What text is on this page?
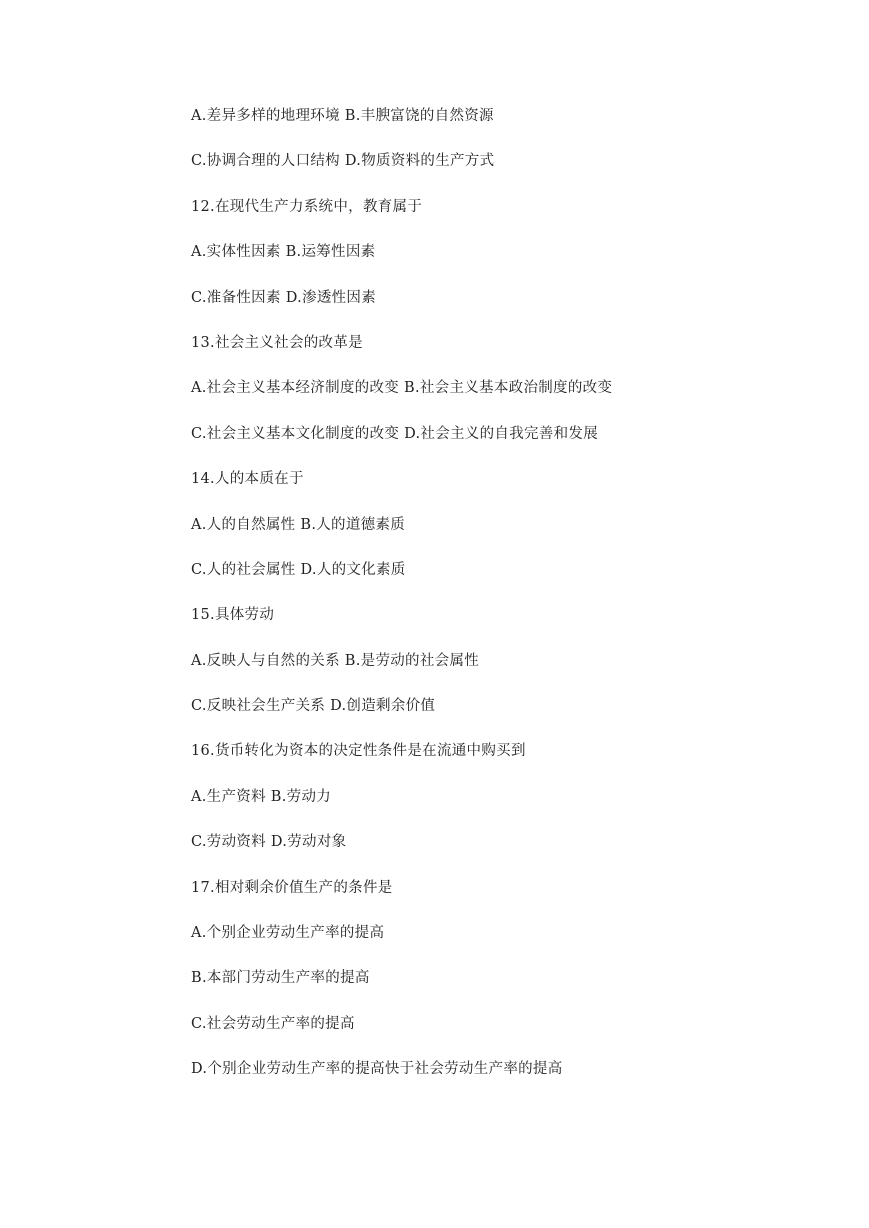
A.差异多样的地理环境 B.丰腴富饶的自然资源
C.协调合理的人口结构 D.物质资料的生产方式
12.在现代生产力系统中，教育属于
A.实体性因素 B.运筹性因素
C.准备性因素 D.渗透性因素
13.社会主义社会的改革是
A.社会主义基本经济制度的改变 B.社会主义基本政治制度的改变
C.社会主义基本文化制度的改变 D.社会主义的自我完善和发展
14.人的本质在于
A.人的自然属性 B.人的道德素质
C.人的社会属性 D.人的文化素质
15.具体劳动
A.反映人与自然的关系 B.是劳动的社会属性
C.反映社会生产关系 D.创造剩余价值
16.货币转化为资本的决定性条件是在流通中购买到
A.生产资料 B.劳动力
C.劳动资料 D.劳动对象
17.相对剩余价值生产的条件是
A.个别企业劳动生产率的提高
B.本部门劳动生产率的提高
C.社会劳动生产率的提高
D.个别企业劳动生产率的提高快于社会劳动生产率的提高
